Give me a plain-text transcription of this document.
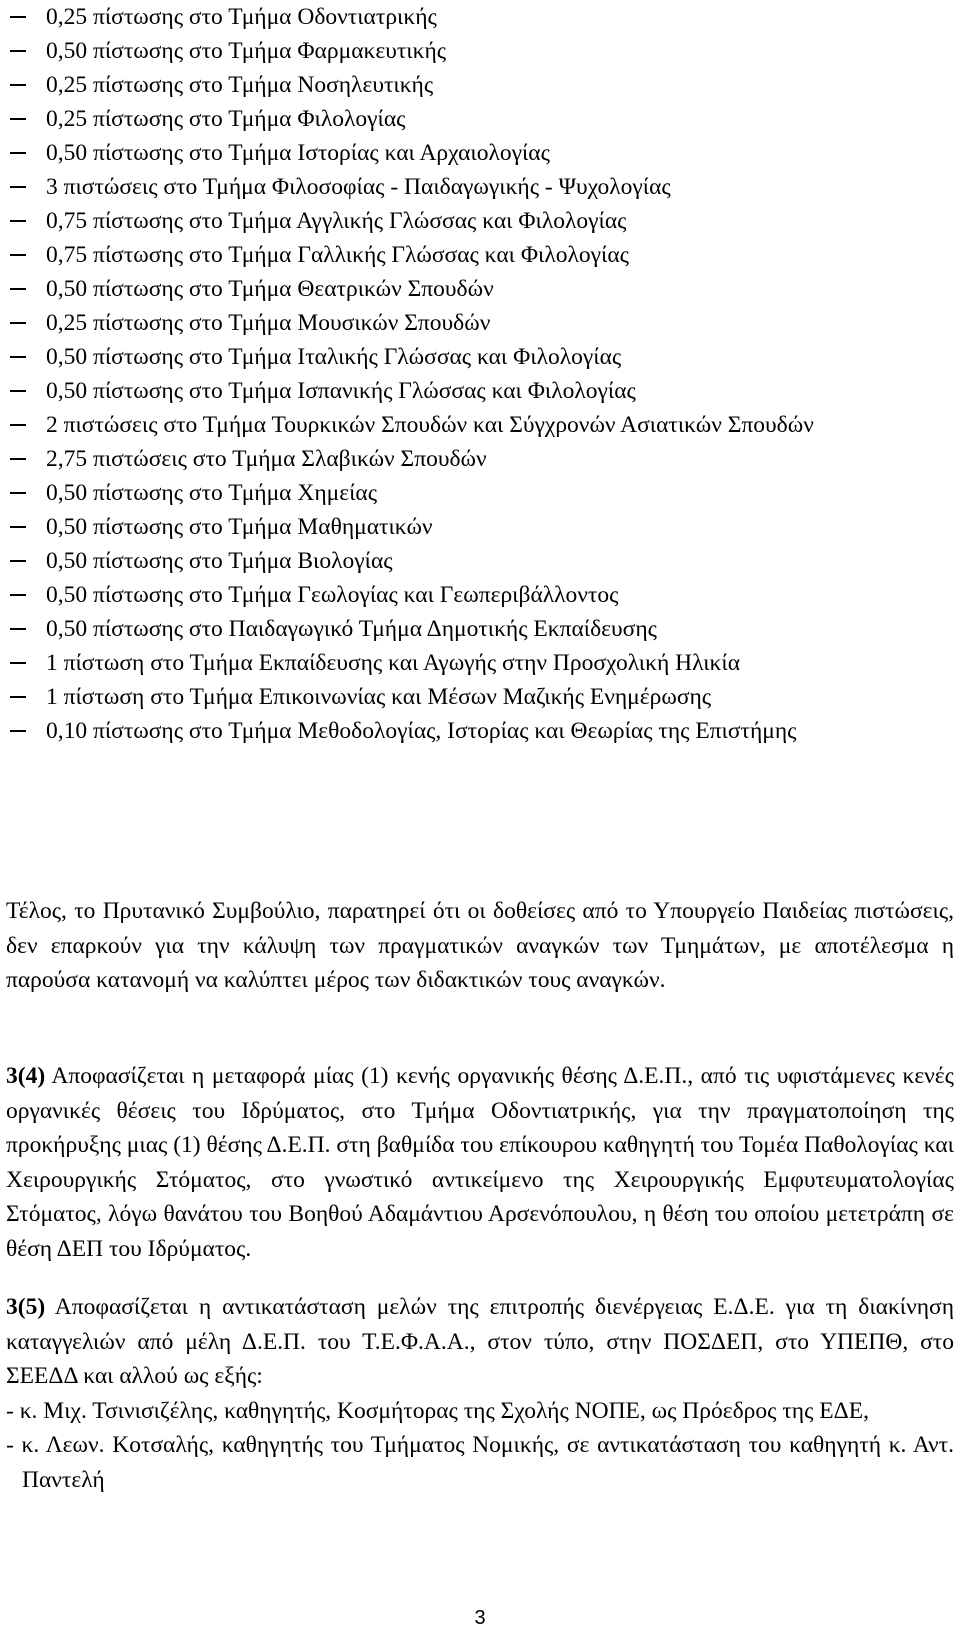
0,25 πίστωσης στο Τμήμα Οδοντιατρικής
0,50 πίστωσης στο Τμήμα Φαρμακευτικής
0,25 πίστωσης στο Τμήμα Νοσηλευτικής
0,25 πίστωσης στο Τμήμα Φιλολογίας
0,50 πίστωσης στο Τμήμα Ιστορίας και Αρχαιολογίας
3 πιστώσεις στο Τμήμα Φιλοσοφίας - Παιδαγωγικής - Ψυχολογίας
0,75 πίστωσης στο Τμήμα Αγγλικής Γλώσσας και Φιλολογίας
0,75 πίστωσης στο Τμήμα Γαλλικής Γλώσσας και Φιλολογίας
0,50 πίστωσης στο Τμήμα Θεατρικών Σπουδών
0,25 πίστωσης στο Τμήμα Μουσικών Σπουδών
0,50 πίστωσης στο Τμήμα Ιταλικής Γλώσσας και Φιλολογίας
0,50 πίστωσης στο Τμήμα Ισπανικής Γλώσσας και Φιλολογίας
2 πιστώσεις στο Τμήμα Τουρκικών Σπουδών και Σύγχρονών Ασιατικών Σπουδών
2,75 πιστώσεις στο Τμήμα Σλαβικών Σπουδών
0,50 πίστωσης στο Τμήμα Χημείας
0,50 πίστωσης στο Τμήμα Μαθηματικών
0,50 πίστωσης στο Τμήμα Βιολογίας
0,50 πίστωσης στο Τμήμα Γεωλογίας και Γεωπεριβάλλοντος
0,50 πίστωσης στο Παιδαγωγικό Τμήμα Δημοτικής Εκπαίδευσης
1 πίστωση στο Τμήμα Εκπαίδευσης και Αγωγής στην Προσχολική Ηλικία
1 πίστωση στο Τμήμα Επικοινωνίας και Μέσων Μαζικής Ενημέρωσης
0,10 πίστωσης στο Τμήμα Μεθοδολογίας, Ιστορίας και Θεωρίας της Επιστήμης

Τέλος, το Πρυτανικό Συμβούλιο, παρατηρεί ότι οι δοθείσες από το Υπουργείο Παιδείας πιστώσεις, δεν επαρκούν για την κάλυψη των πραγματικών αναγκών των Τμημάτων, με αποτέλεσμα η παρούσα κατανομή να καλύπτει μέρος των διδακτικών τους αναγκών.

3(4) Αποφασίζεται η μεταφορά μίας (1) κενής οργανικής θέσης Δ.Ε.Π., από τις υφιστάμενες κενές οργανικές θέσεις του Ιδρύματος, στο Τμήμα Οδοντιατρικής, για την πραγματοποίηση της προκήρυξης μιας (1) θέσης Δ.Ε.Π. στη βαθμίδα του επίκουρου καθηγητή του Τομέα Παθολογίας και Χειρουργικής Στόματος, στο γνωστικό αντικείμενο της Χειρουργικής Εμφυτευματολογίας Στόματος, λόγω θανάτου του Βοηθού Αδαμάντιου Αρσενόπουλου, η θέση του οποίου μετετράπη σε θέση ΔΕΠ του Ιδρύματος.

3(5) Αποφασίζεται η αντικατάσταση μελών της επιτροπής διενέργειας Ε.Δ.Ε. για τη διακίνηση καταγγελιών από μέλη Δ.Ε.Π. του Τ.Ε.Φ.Α.Α., στον τύπο, στην ΠΟΣΔΕΠ, στο ΥΠΕΠΘ, στο ΣΕΕΔΔ και αλλού ως εξής:
- κ. Μιχ. Τσινισιζέλης, καθηγητής, Κοσμήτορας της Σχολής ΝΟΠΕ, ως Πρόεδρος της ΕΔΕ,
- κ. Λεων. Κοτσαλής, καθηγητής του Τμήματος Νομικής, σε αντικατάσταση του καθηγητή κ. Αντ. Παντελή
3
